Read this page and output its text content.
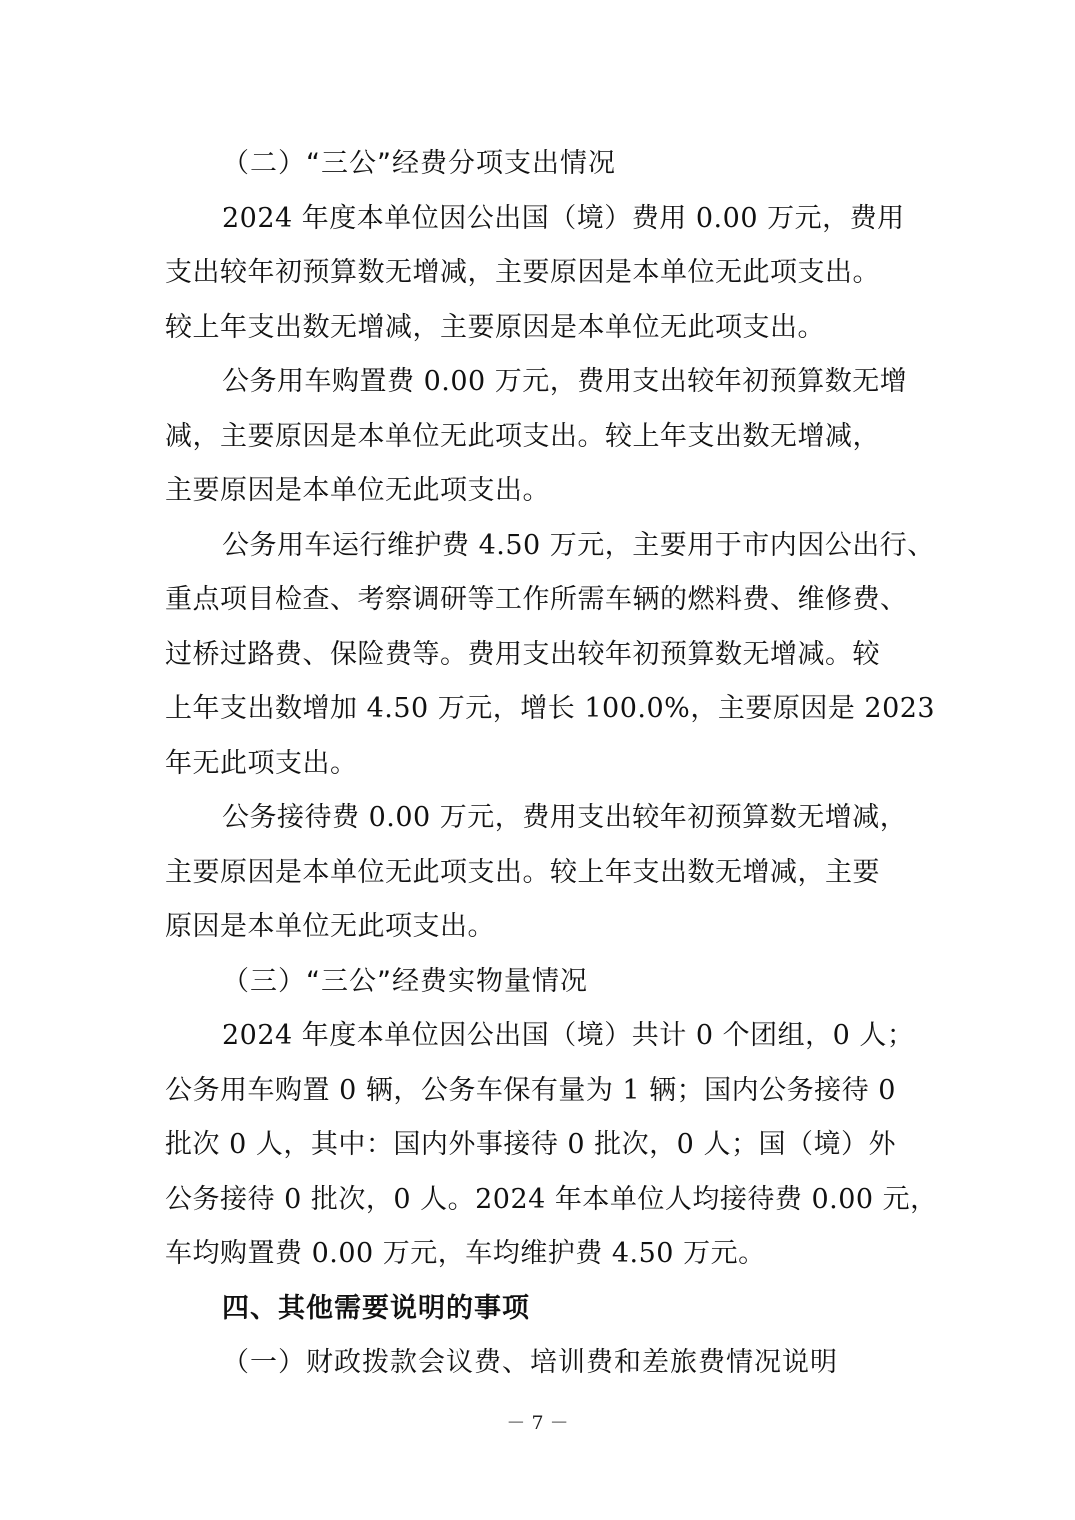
（二）“三公”经费分项支出情况
2024 年度本单位因公出国（境）费用 0.00 万元，费用
支出较年初预算数无增减，主要原因是本单位无此项支出。
较上年支出数无增减，主要原因是本单位无此项支出。
公务用车购置费 0.00 万元，费用支出较年初预算数无增
减，主要原因是本单位无此项支出。较上年支出数无增减，
主要原因是本单位无此项支出。
公务用车运行维护费 4.50 万元，主要用于市内因公出行、
重点项目检查、考察调研等工作所需车辆的燃料费、维修费、
过桥过路费、保险费等。费用支出较年初预算数无增减。较
上年支出数增加 4.50 万元，增长 100.0%，主要原因是 2023
年无此项支出。
公务接待费 0.00 万元，费用支出较年初预算数无增减，
主要原因是本单位无此项支出。较上年支出数无增减，主要
原因是本单位无此项支出。
（三）“三公”经费实物量情况
2024 年度本单位因公出国（境）共计 0 个团组，0 人；
公务用车购置 0 辆，公务车保有量为 1 辆；国内公务接待 0
批次 0 人，其中：国内外事接待 0 批次，0 人；国（境）外
公务接待 0 批次，0 人。2024 年本单位人均接待费 0.00 元，
车均购置费 0.00 万元，车均维护费 4.50 万元。
四、其他需要说明的事项
（一）财政拨款会议费、培训费和差旅费情况说明
－ 7 －
